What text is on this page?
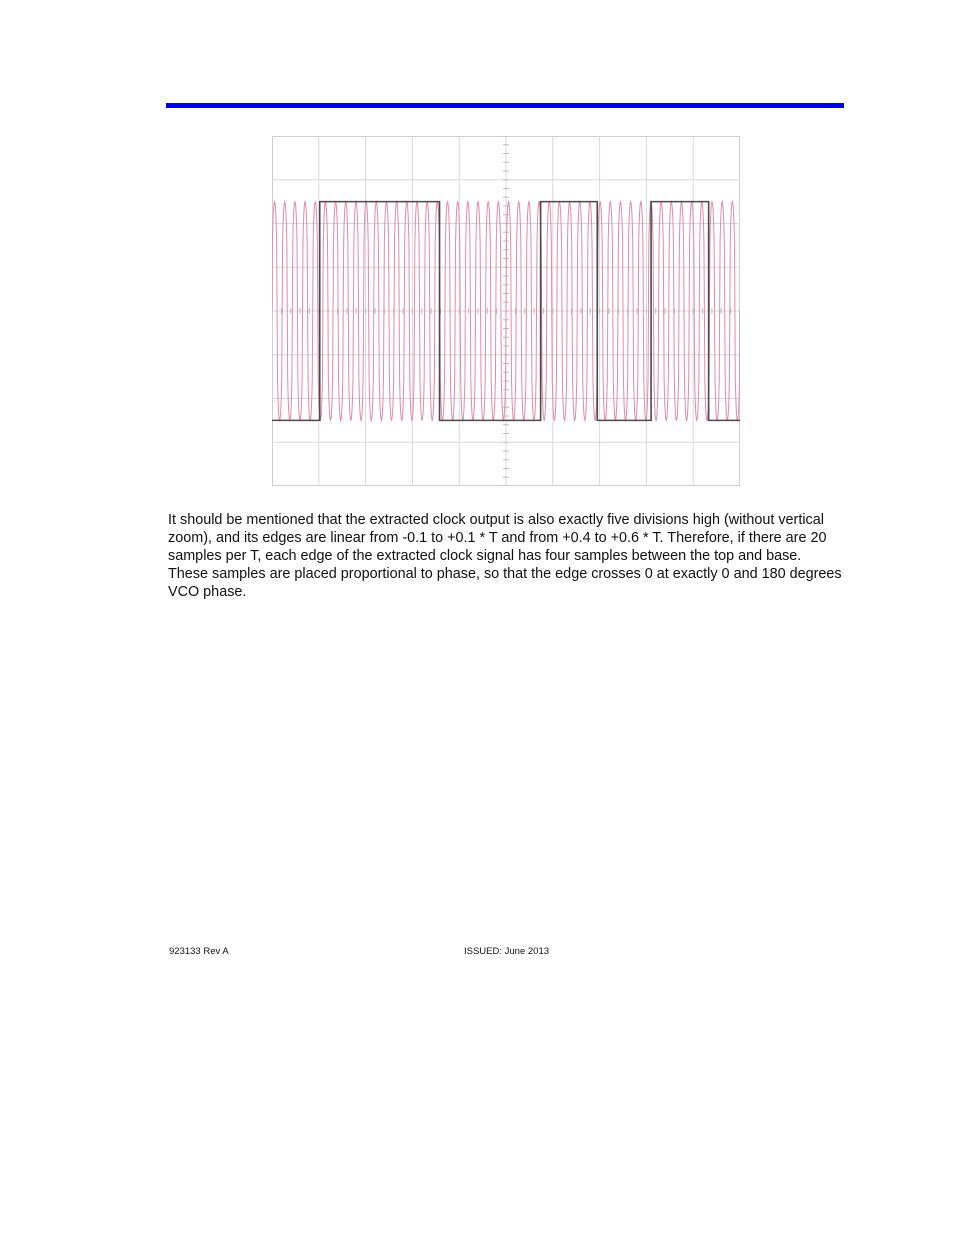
It should be mentioned that the extracted clock output is also exactly five divisions high (without vertical zoom), and its edges are linear from -0.1 to +0.1 * T and from +0.4 to +0.6 * T. Therefore, if there are 20 samples per T, each edge of the extracted clock signal has four samples between the top and base. These samples are placed proportional to phase, so that the edge crosses 0 at exactly 0 and 180 degrees VCO phase.

923133 Rev A	ISSUED: June 2013
